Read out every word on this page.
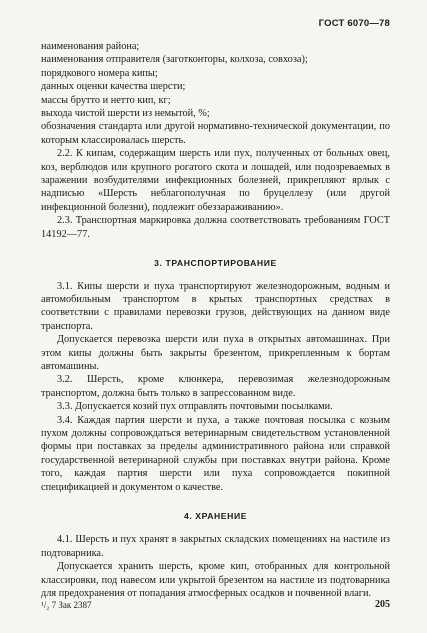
ГОСТ 6070—78

наименования района;

наименования отправителя (заготконторы, колхоза, совхоза);

порядкового номера кипы;

данных оценки качества шерсти;

массы брутто и нетто кип, кг;

выхода чистой шерсти из немытой, %;

обозначения стандарта или другой нормативно-технической документации, по которым классировалась шерсть.

2.2. К кипам, содержащим шерсть или пух, полученных от больных овец, коз, верблюдов или крупного рогатого скота и лошадей, или подозреваемых в заражении возбудителями инфекционных болезней, прикрепляют ярлык с надписью «Шерсть неблагополучная по бруцеллезу (или другой инфекционной болезни), подлежит обеззараживанию».

2.3. Транспортная маркировка должна соответствовать требованиям ГОСТ 14192—77.

3. ТРАНСПОРТИРОВАНИЕ

3.1. Кипы шерсти и пуха транспортируют железнодорожным, водным и автомобильным транспортом в крытых транспортных средствах в соответствии с правилами перевозки грузов, действующих на данном виде транспорта.

Допускается перевозка шерсти или пуха в открытых автомашинах. При этом кипы должны быть закрыты брезентом, прикрепленным к бортам автомашины.

3.2. Шерсть, кроме клюнкера, перевозимая железнодорожным транспортом, должна быть только в запрессованном виде.

3.3. Допускается козий пух отправлять почтовыми посылками.

3.4. Каждая партия шерсти и пуха, а также почтовая посылка с козьим пухом должны сопровождаться ветеринарным свидетельством установленной формы при поставках за пределы административного района или справкой государственной ветеринарной службы при поставках внутри района. Кроме того, каждая партия шерсти или пуха сопровождается покипной спецификацией и документом о качестве.

4. ХРАНЕНИЕ

4.1. Шерсть и пух хранят в закрытых складских помещениях на настиле из подтоварника.

Допускается хранить шерсть, кроме кип, отобранных для контрольной классировки, под навесом или укрытой брезентом на настиле из подтоварника для предохранения от попадания атмосферных осадков и почвенной влаги.

¹/₂ 7 Зак 2387	205
